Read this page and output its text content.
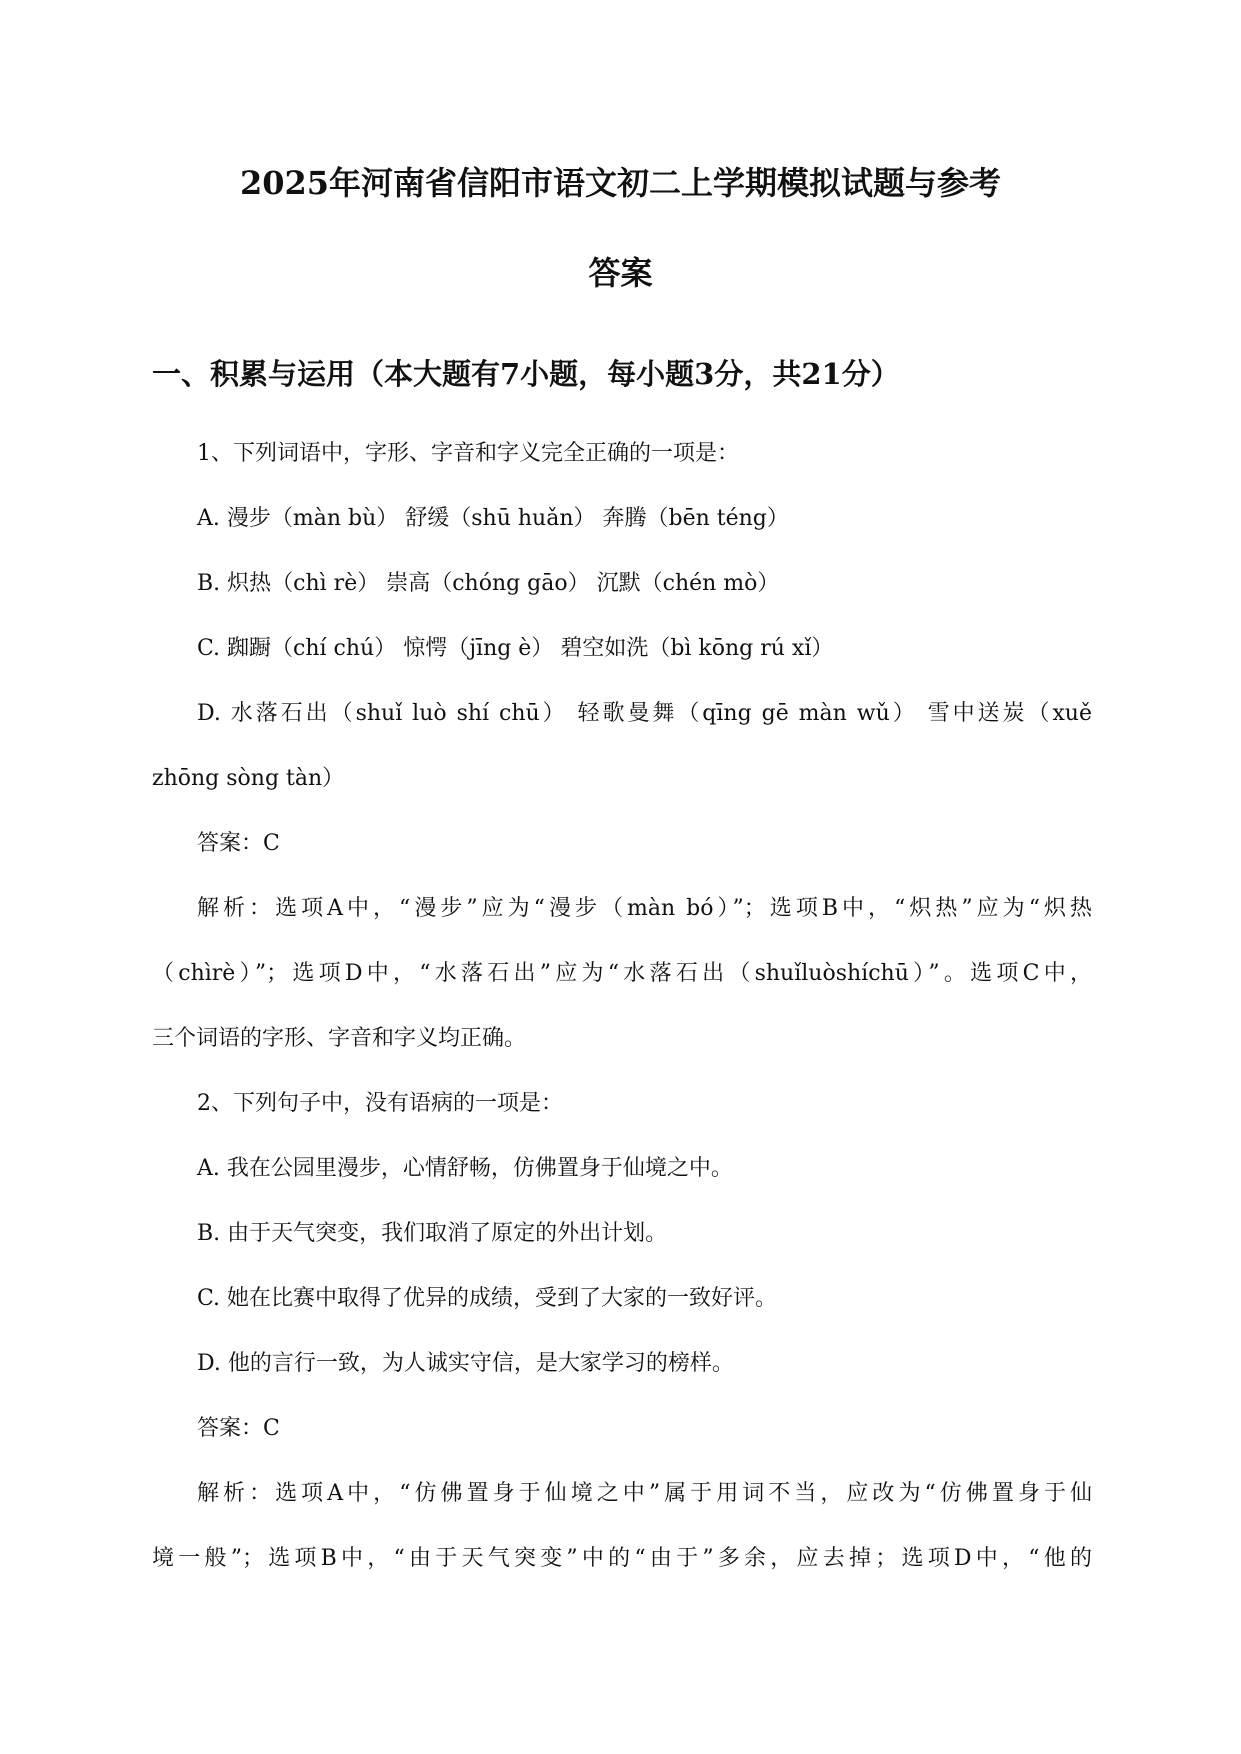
2025年河南省信阳市语文初二上学期模拟试题与参考
答案
一、积累与运用（本大题有7小题，每小题3分，共21分）
1、下列词语中，字形、字音和字义完全正确的一项是：
A. 漫步（màn bù） 舒缓（shū huǎn） 奔腾（bēn téng）
B. 炽热（chì rè） 崇高（chóng gāo） 沉默（chén mò）
C. 踟蹰（chí chú） 惊愕（jīng è） 碧空如洗（bì kōng rú xǐ）
D. 水落石出（shuǐ luò shí chū） 轻歌曼舞（qīng gē màn wǔ） 雪中送炭（xuě
zhōng sòng tàn）
答案：C
解析：选项A中，“漫步”应为“漫步（màn bó）”；选项B中，“炽热”应为“炽热
（chìrè）”；选项D中，“水落石出”应为“水落石出（shuǐluòshíchū）”。选项C中，
三个词语的字形、字音和字义均正确。
2、下列句子中，没有语病的一项是：
A. 我在公园里漫步，心情舒畅，仿佛置身于仙境之中。
B. 由于天气突变，我们取消了原定的外出计划。
C. 她在比赛中取得了优异的成绩，受到了大家的一致好评。
D. 他的言行一致，为人诚实守信，是大家学习的榜样。
答案：C
解析：选项A中，“仿佛置身于仙境之中”属于用词不当，应改为“仿佛置身于仙
境一般”；选项B中，“由于天气突变”中的“由于”多余，应去掉；选项D中，“他的
